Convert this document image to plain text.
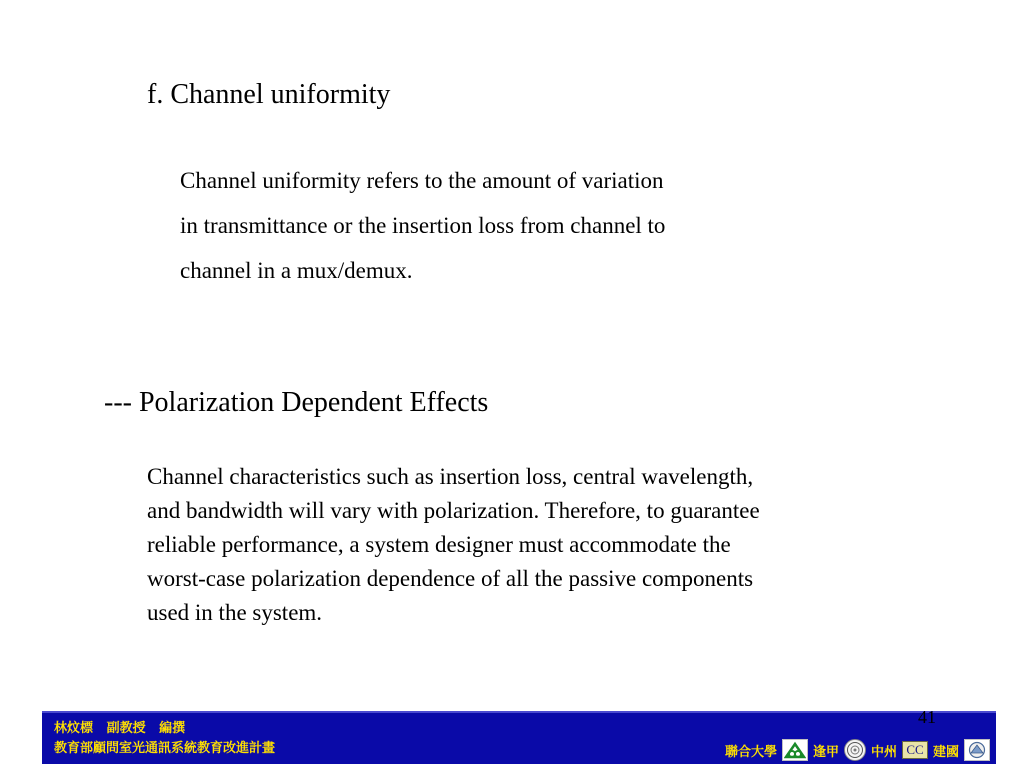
f. Channel uniformity
Channel uniformity refers to the amount of variation
in transmittance or the insertion loss from channel to
channel in a mux/demux.
--- Polarization Dependent Effects
Channel characteristics such as insertion loss, central wavelength,
and bandwidth will vary with polarization. Therefore, to guarantee
reliable performance, a system designer must accommodate the
worst-case polarization dependence of all the passive components
used in the system.
41
林炆標   副教授   編撰
教育部顧問室光通訊系統教育改進計畫	聯合大學	逢甲 中州 CC 建國
